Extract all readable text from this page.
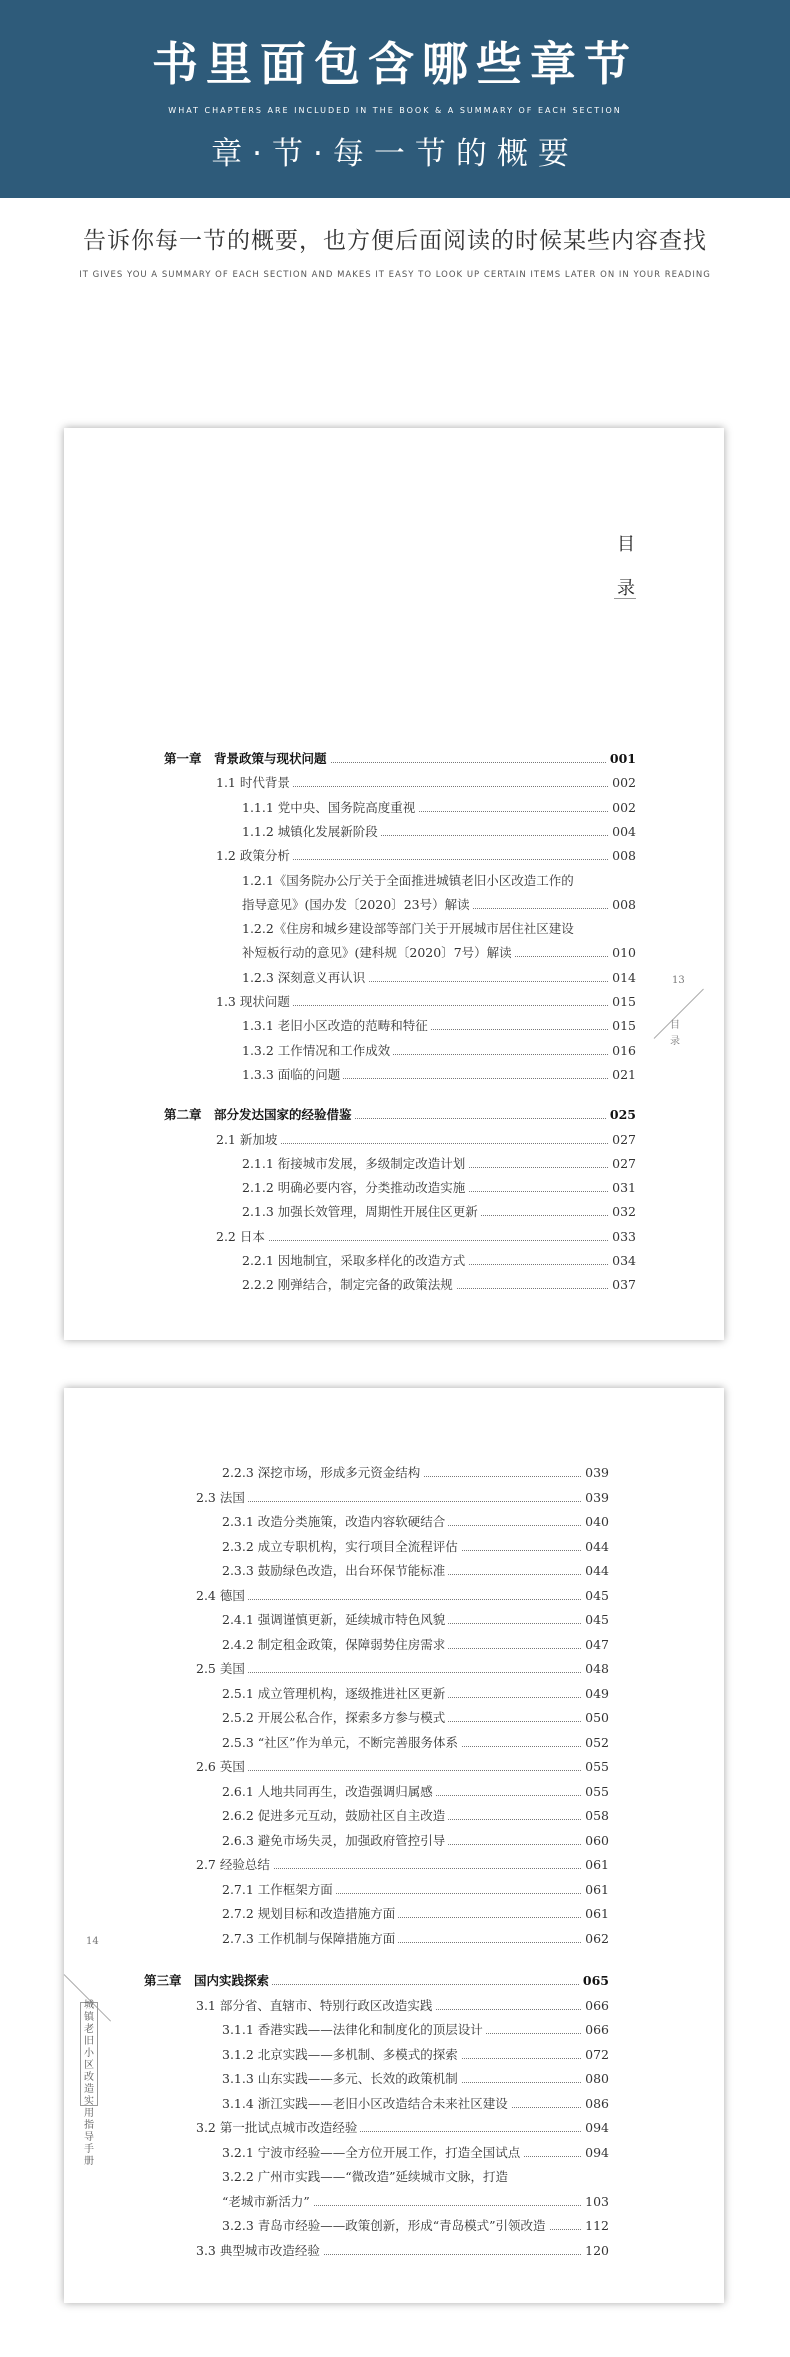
书里面包含哪些章节
WHAT CHAPTERS ARE INCLUDED IN THE BOOK & A SUMMARY OF EACH SECTION
章·节·每一节的概要
告诉你每一节的概要，也方便后面阅读的时候某些内容查找
IT GIVES YOU A SUMMARY OF EACH SECTION AND MAKES IT EASY TO LOOK UP CERTAIN ITEMS LATER ON IN YOUR READING
目
录
第一章　背景政策与现状问题	001
1.1 时代背景	002
1.1.1 党中央、国务院高度重视	002
1.1.2 城镇化发展新阶段	004
1.2 政策分析	008
1.2.1《国务院办公厅关于全面推进城镇老旧小区改造工作的
指导意见》(国办发〔2020〕23号）解读	008
1.2.2《住房和城乡建设部等部门关于开展城市居住社区建设
补短板行动的意见》(建科规〔2020〕7号）解读	010
1.2.3 深刻意义再认识	014
1.3 现状问题	015
1.3.1 老旧小区改造的范畴和特征	015
1.3.2 工作情况和工作成效	016
1.3.3 面临的问题	021
第二章　部分发达国家的经验借鉴	025
2.1 新加坡	027
2.1.1 衔接城市发展，多级制定改造计划	027
2.1.2 明确必要内容，分类推动改造实施	031
2.1.3 加强长效管理，周期性开展住区更新	032
2.2 日本	033
2.2.1 因地制宜，采取多样化的改造方式	034
2.2.2 刚弹结合，制定完备的政策法规	037
13
目录
2.2.3 深挖市场，形成多元资金结构	039
2.3 法国	039
2.3.1 改造分类施策，改造内容软硬结合	040
2.3.2 成立专职机构，实行项目全流程评估	044
2.3.3 鼓励绿色改造，出台环保节能标准	044
2.4 德国	045
2.4.1 强调谨慎更新，延续城市特色风貌	045
2.4.2 制定租金政策，保障弱势住房需求	047
2.5 美国	048
2.5.1 成立管理机构，逐级推进社区更新	049
2.5.2 开展公私合作，探索多方参与模式	050
2.5.3 “社区”作为单元，不断完善服务体系	052
2.6 英国	055
2.6.1 人地共同再生，改造强调归属感	055
2.6.2 促进多元互动，鼓励社区自主改造	058
2.6.3 避免市场失灵，加强政府管控引导	060
2.7 经验总结	061
2.7.1 工作框架方面	061
2.7.2 规划目标和改造措施方面	061
2.7.3 工作机制与保障措施方面	062
第三章　国内实践探索	065
3.1 部分省、直辖市、特别行政区改造实践	066
3.1.1 香港实践——法律化和制度化的顶层设计	066
3.1.2 北京实践——多机制、多模式的探索	072
3.1.3 山东实践——多元、长效的政策机制	080
3.1.4 浙江实践——老旧小区改造结合未来社区建设	086
3.2 第一批试点城市改造经验	094
3.2.1 宁波市经验——全方位开展工作，打造全国试点	094
3.2.2 广州市实践——“微改造”延续城市文脉，打造
“老城市新活力”	103
3.2.3 青岛市经验——政策创新，形成“青岛模式”引领改造	112
3.3 典型城市改造经验	120
14
城镇老旧小区改造实用指导手册
